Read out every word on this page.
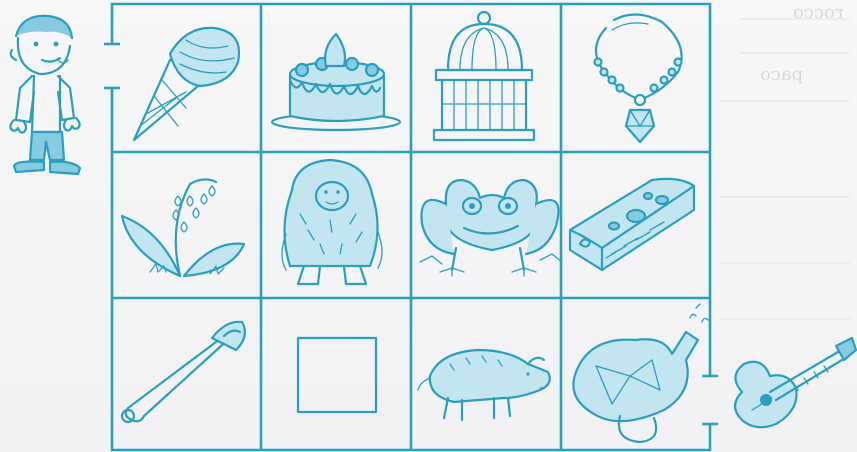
rocco
paco
